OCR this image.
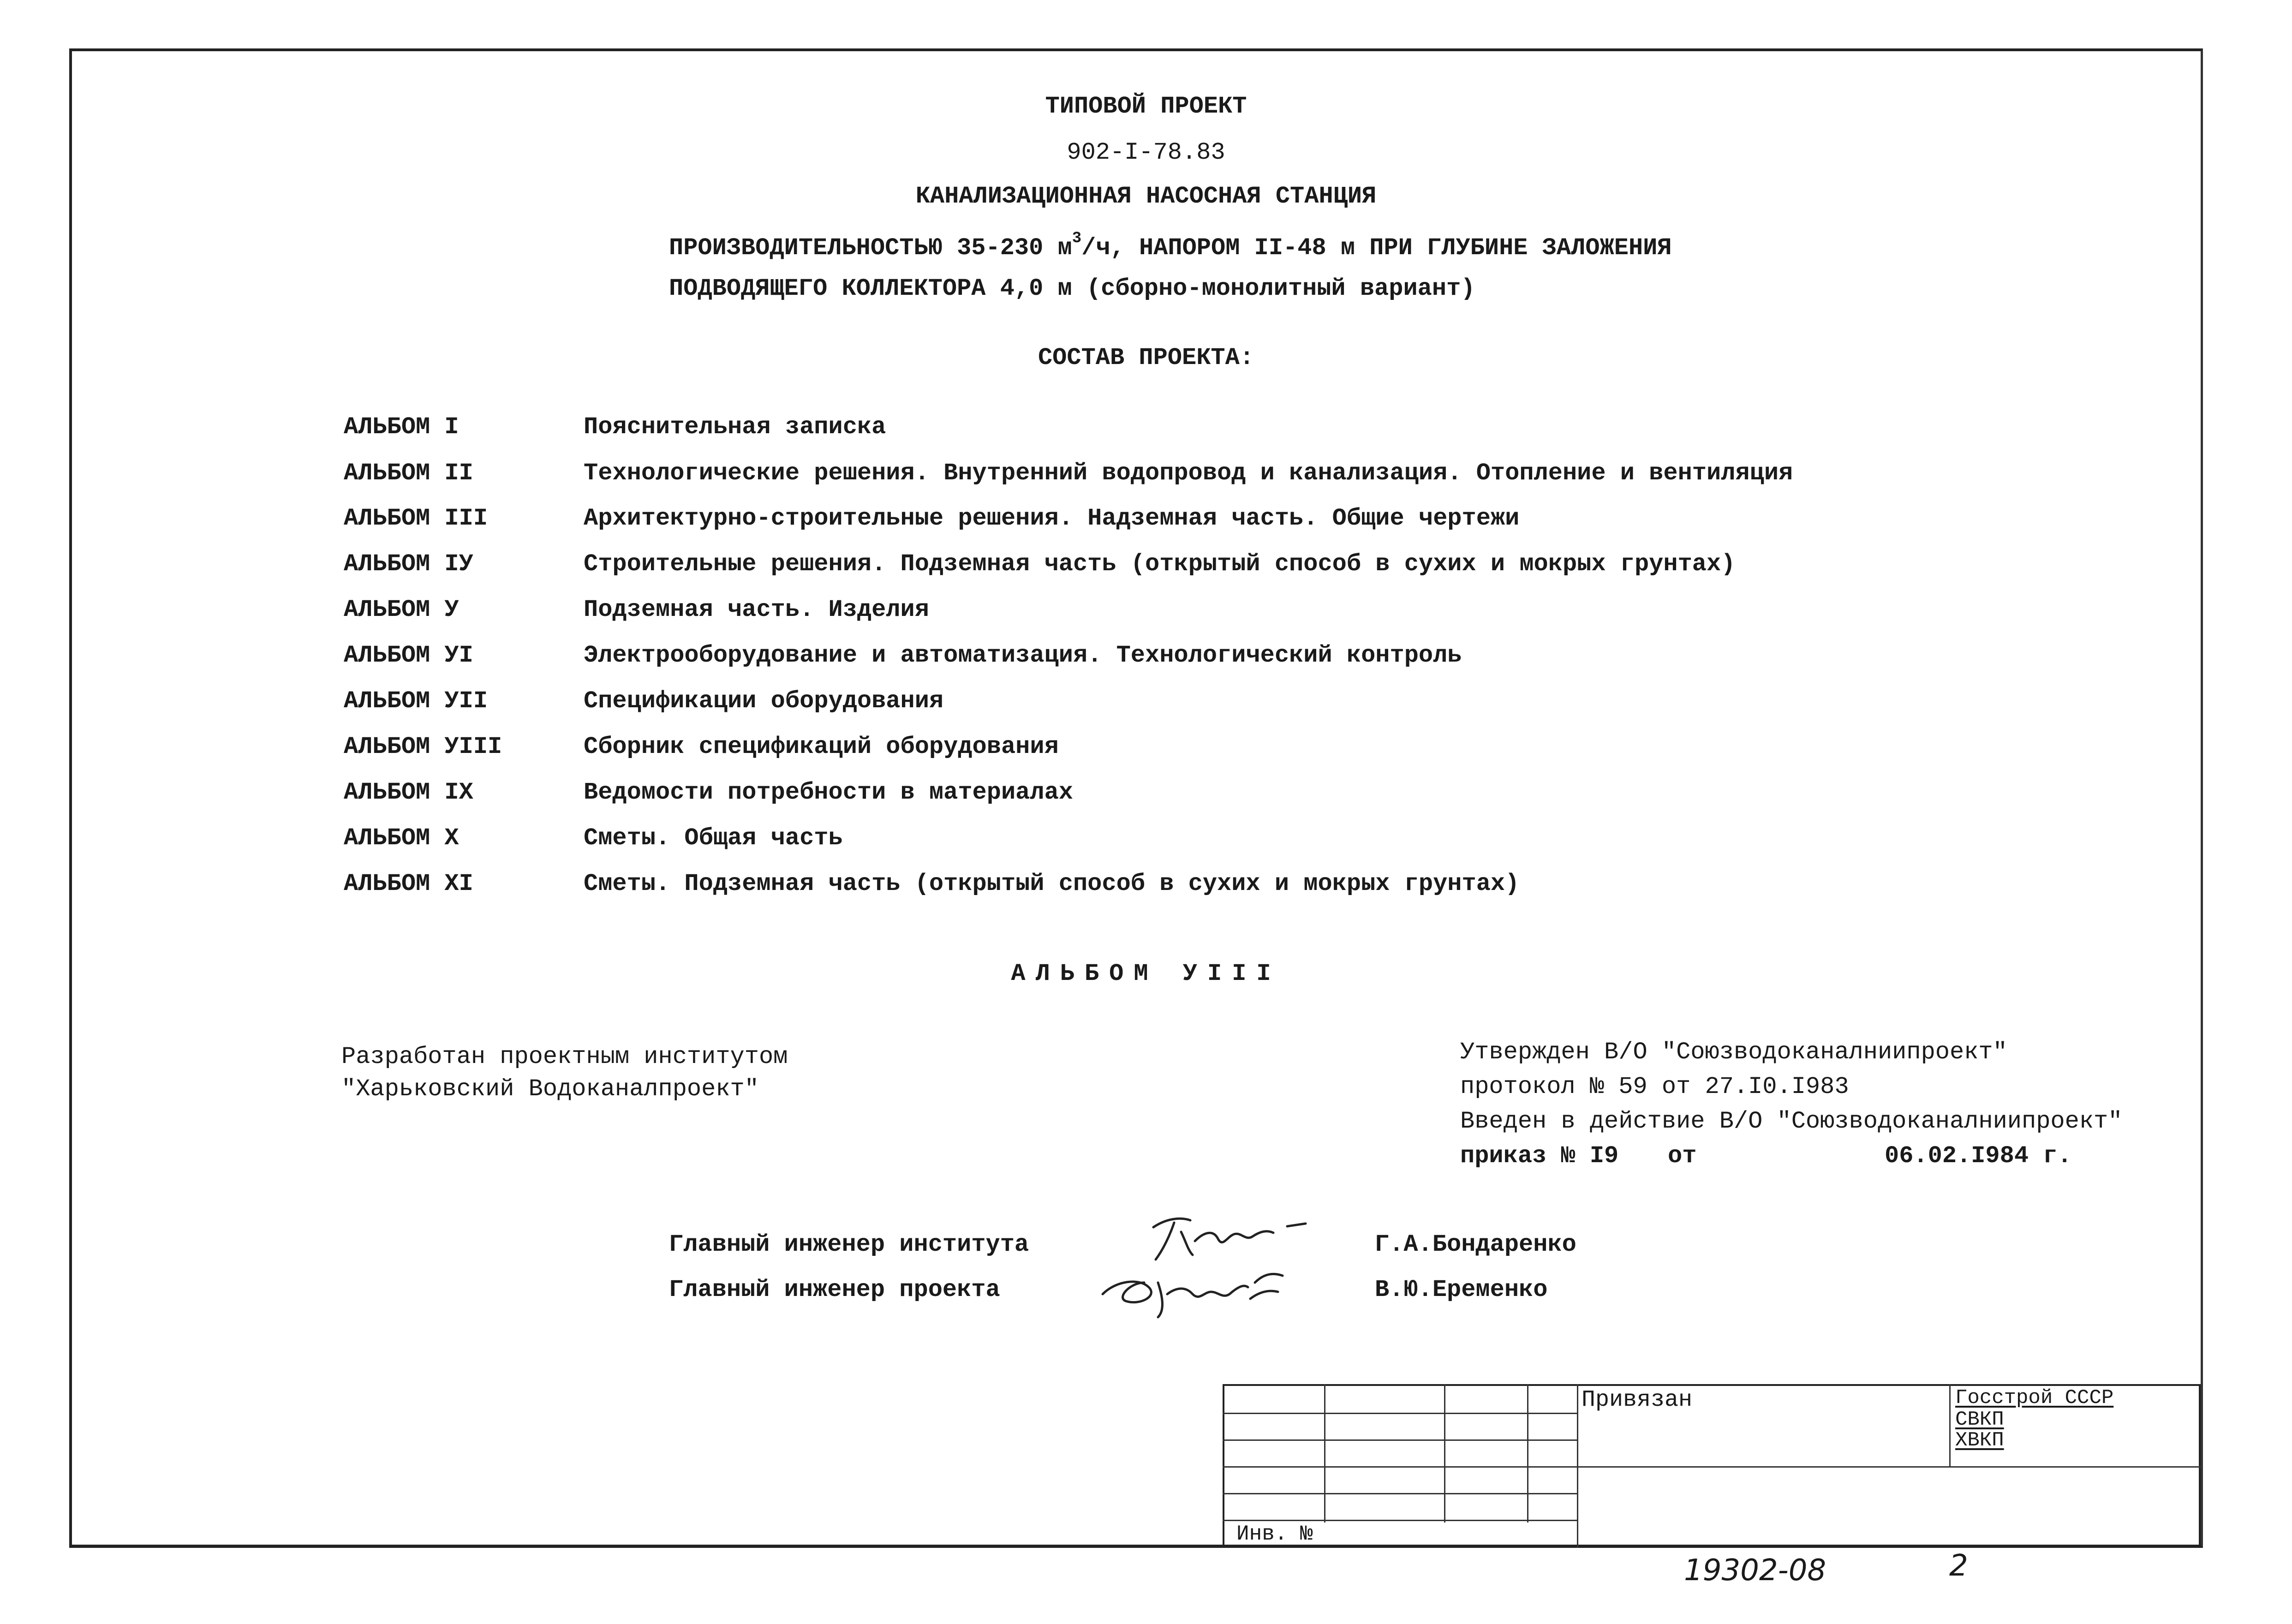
ТИПОВОЙ ПРОЕКТ
902-I-78.83
КАНАЛИЗАЦИОННАЯ НАСОСНАЯ СТАНЦИЯ
ПРОИЗВОДИТЕЛЬНОСТЬЮ 35-230 $м^3/ч$, НАПОРОМ II-48 м ПРИ ГЛУБИНЕ ЗАЛОЖЕНИЯ
ПОДВОДЯЩЕГО КОЛЛЕКТОРА 4,0 м (сборно-монолитный вариант)
СОСТАВ ПРОЕКТА:
АЛЬБОМ I	Пояснительная записка
АЛЬБОМ II	Технологические решения. Внутренний водопровод и канализация. Отопление и вентиляция
АЛЬБОМ III	Архитектурно-строительные решения. Надземная часть. Общие чертежи
АЛЬБОМ IУ	Строительные решения. Подземная часть (открытый способ в сухих и мокрых грунтах)
АЛЬБОМ У	Подземная часть. Изделия
АЛЬБОМ УI	Электрооборудование и автоматизация. Технологический контроль
АЛЬБОМ УII	Спецификации оборудования
АЛЬБОМ УIII	Сборник спецификаций оборудования
АЛЬБОМ IX	Ведомости потребности в материалах
АЛЬБОМ X	Сметы. Общая часть
АЛЬБОМ XI	Сметы. Подземная часть (открытый способ в сухих и мокрых грунтах)
АЛЬБОМ УIII
Разработан проектным институтом
"Харьковский Водоканалпроект"
Утвержден В/О "Союзводоканалниипроект"
протокол № 59 от 27.I0.I983
Введен в действие В/О "Союзводоканалниипроект"
приказ № I9 от	06.02.I984 г.
Главный инженер института	Г.А.Бондаренко
Главный инженер проекта	В.Ю.Еременко
Привязан	Госстрой СССР
СВКП
ХВКП
Инв. №
19302-08	2
